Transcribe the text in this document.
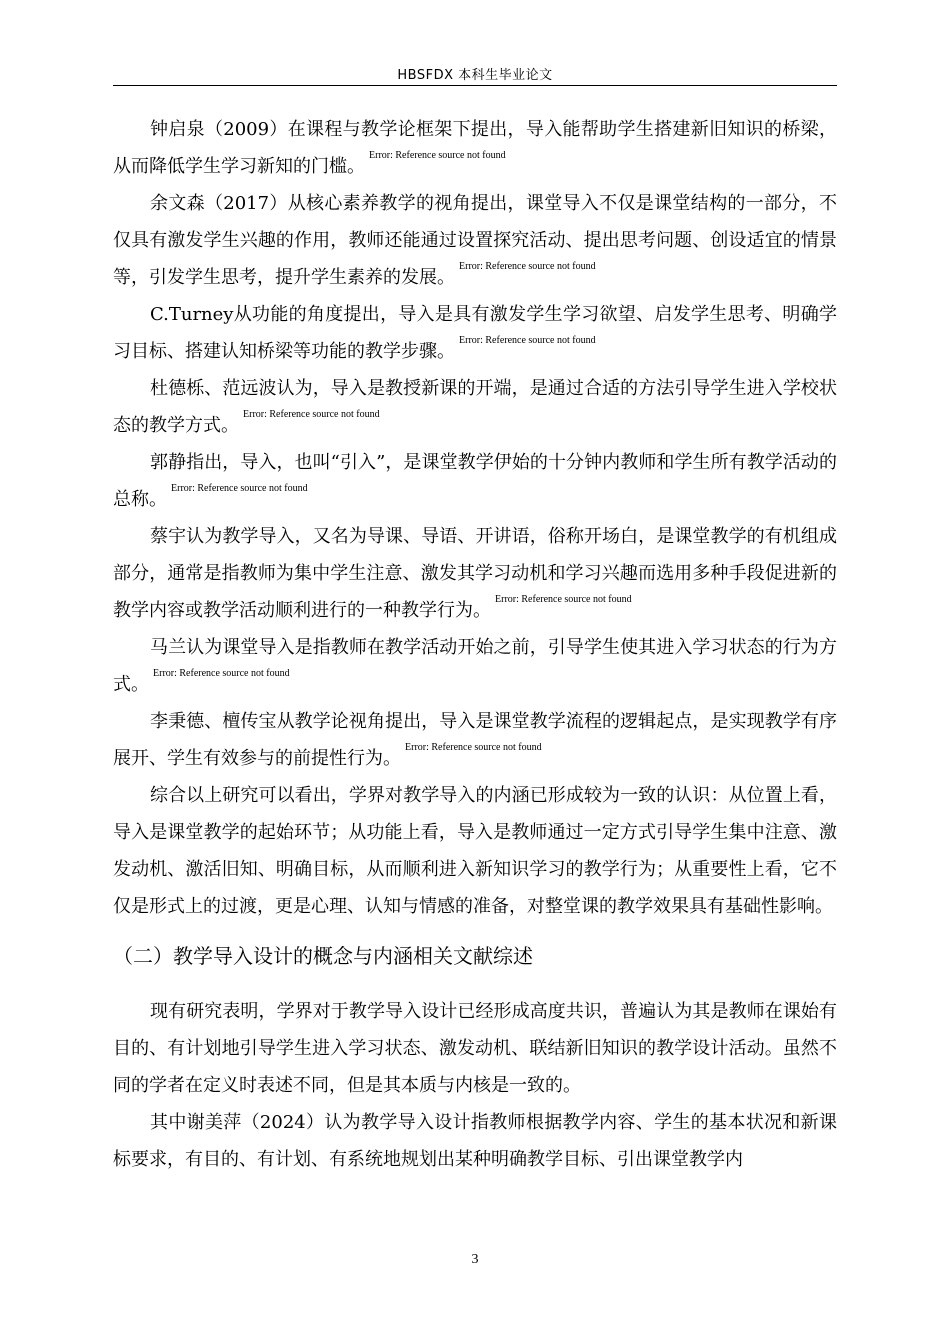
HBSFDX 本科生毕业论文

钟启泉（2009）在课程与教学论框架下提出，导入能帮助学生搭建新旧知识的桥梁，从而降低学生学习新知的门槛。$^{Error: Reference source not found}$

余文森（2017）从核心素养教学的视角提出，课堂导入不仅是课堂结构的一部分，不仅具有激发学生兴趣的作用，教师还能通过设置探究活动、提出思考问题、创设适宜的情景等，引发学生思考，提升学生素养的发展。$^{Error: Reference source not found}$

C.Turney从功能的角度提出，导入是具有激发学生学习欲望、启发学生思考、明确学习目标、搭建认知桥梁等功能的教学步骤。$^{Error: Reference source not found}$

杜德栎、范远波认为，导入是教授新课的开端，是通过合适的方法引导学生进入学校状态的教学方式。$^{Error: Reference source not found}$

郭静指出，导入，也叫“引入”，是课堂教学伊始的十分钟内教师和学生所有教学活动的总称。$^{Error: Reference source not found}$

蔡宇认为教学导入，又名为导课、导语、开讲语，俗称开场白，是课堂教学的有机组成部分，通常是指教师为集中学生注意、激发其学习动机和学习兴趣而选用多种手段促进新的教学内容或教学活动顺利进行的一种教学行为。$^{Error: Reference source not found}$

马兰认为课堂导入是指教师在教学活动开始之前，引导学生使其进入学习状态的行为方式。$^{Error: Reference source not found}$

李秉德、檀传宝从教学论视角提出，导入是课堂教学流程的逻辑起点，是实现教学有序展开、学生有效参与的前提性行为。$^{Error: Reference source not found}$

综合以上研究可以看出，学界对教学导入的内涵已形成较为一致的认识：从位置上看，导入是课堂教学的起始环节；从功能上看，导入是教师通过一定方式引导学生集中注意、激发动机、激活旧知、明确目标，从而顺利进入新知识学习的教学行为；从重要性上看，它不仅是形式上的过渡，更是心理、认知与情感的准备，对整堂课的教学效果具有基础性影响。

（二）教学导入设计的概念与内涵相关文献综述

现有研究表明，学界对于教学导入设计已经形成高度共识，普遍认为其是教师在课始有目的、有计划地引导学生进入学习状态、激发动机、联结新旧知识的教学设计活动。虽然不同的学者在定义时表述不同，但是其本质与内核是一致的。

其中谢美萍（2024）认为教学导入设计指教师根据教学内容、学生的基本状况和新课标要求，有目的、有计划、有系统地规划出某种明确教学目标、引出课堂教学内

3
